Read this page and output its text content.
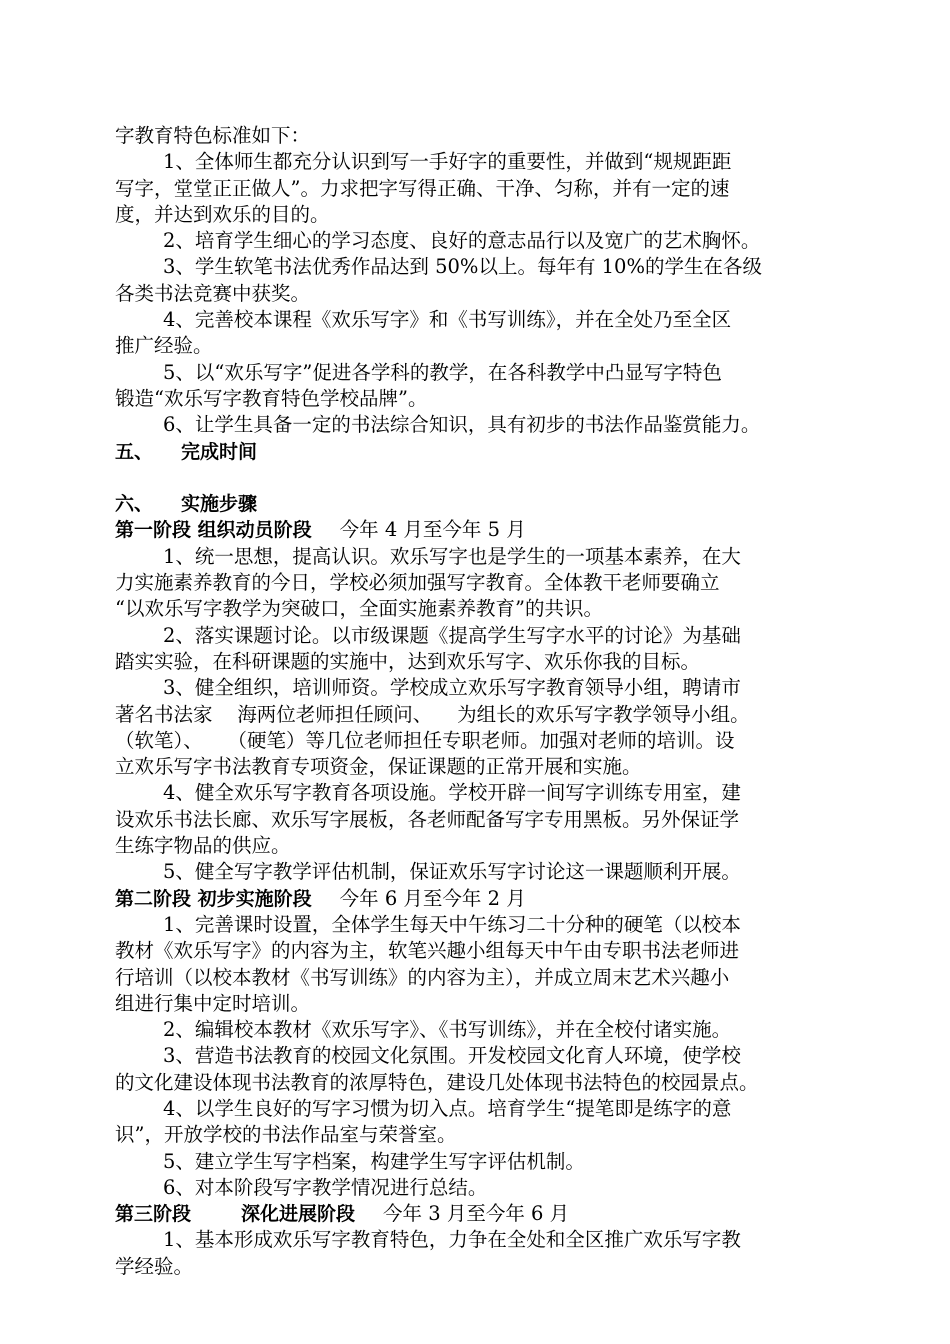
字教育特色标准如下：
1、全体师生都充分认识到写一手好字的重要性，并做到“规规距距
写字，堂堂正正做人”。力求把字写得正确、干净、匀称，并有一定的速
度，并达到欢乐的目的。
2、培育学生细心的学习态度、良好的意志品行以及宽广的艺术胸怀。
3、学生软笔书法优秀作品达到 50%以上。每年有 10%的学生在各级
各类书法竞赛中获奖。
4、完善校本课程《欢乐写字》和《书写训练》，并在全处乃至全区
推广经验。
5、以“欢乐写字”促进各学科的教学，在各科教学中凸显写字特色
锻造“欢乐写字教育特色学校品牌”。
6、让学生具备一定的书法综合知识，具有初步的书法作品鉴赏能力。
五、 完成时间
六、 实施步骤
第一阶段 组织动员阶段 今年 4 月至今年 5 月
1、统一思想，提高认识。欢乐写字也是学生的一项基本素养，在大
力实施素养教育的今日，学校必须加强写字教育。全体教干老师要确立
“以欢乐写字教学为突破口，全面实施素养教育”的共识。
2、落实课题讨论。以市级课题《提高学生写字水平的讨论》为基础
踏实实验，在科研课题的实施中，达到欢乐写字、欢乐你我的目标。
3、健全组织，培训师资。学校成立欢乐写字教育领导小组，聘请市
著名书法家    海两位老师担任顾问、    为组长的欢乐写字教学领导小组。
（软笔）、    （硬笔）等几位老师担任专职老师。加强对老师的培训。设
立欢乐写字书法教育专项资金，保证课题的正常开展和实施。
4、健全欢乐写字教育各项设施。学校开辟一间写字训练专用室，建
设欢乐书法长廊、欢乐写字展板，各老师配备写字专用黑板。另外保证学
生练字物品的供应。
5、健全写字教学评估机制，保证欢乐写字讨论这一课题顺利开展。
第二阶段 初步实施阶段 今年 6 月至今年 2 月
1、完善课时设置，全体学生每天中午练习二十分种的硬笔（以校本
教材《欢乐写字》的内容为主，软笔兴趣小组每天中午由专职书法老师进
行培训（以校本教材《书写训练》的内容为主），并成立周末艺术兴趣小
组进行集中定时培训。
2、编辑校本教材《欢乐写字》、《书写训练》，并在全校付诸实施。
3、营造书法教育的校园文化氛围。开发校园文化育人环境，使学校
的文化建设体现书法教育的浓厚特色，建设几处体现书法特色的校园景点。
4、以学生良好的写字习惯为切入点。培育学生“提笔即是练字的意
识”，开放学校的书法作品室与荣誉室。
5、建立学生写字档案，构建学生写字评估机制。
6、对本阶段写字教学情况进行总结。
第三阶段	深化进展阶段 今年 3 月至今年 6 月
1、基本形成欢乐写字教育特色，力争在全处和全区推广欢乐写字教
学经验。
